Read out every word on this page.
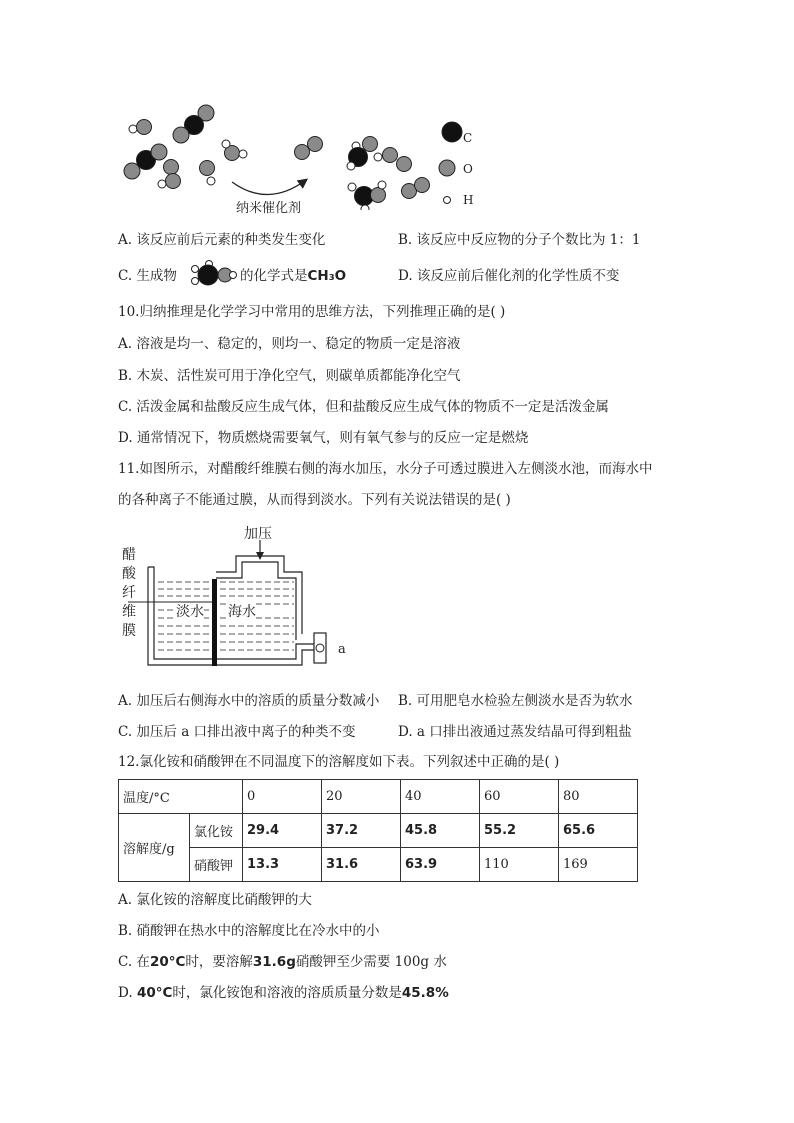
C
O
H
纳米催化剂
A. 该反应前后元素的种类发生变化	B. 该反应中反应物的分子个数比为 1：1
C. 生成物	的化学式是CH₃O	D. 该反应前后催化剂的化学性质不变
10.归纳推理是化学学习中常用的思维方法，下列推理正确的是( )
A. 溶液是均一、稳定的，则均一、稳定的物质一定是溶液
B. 木炭、活性炭可用于净化空气，则碳单质都能净化空气
C. 活泼金属和盐酸反应生成气体，但和盐酸反应生成气体的物质不一定是活泼金属
D. 通常情况下，物质燃烧需要氧气，则有氧气参与的反应一定是燃烧
11.如图所示，对醋酸纤维膜右侧的海水加压，水分子可透过膜进入左侧淡水池，而海水中
的各种离子不能通过膜，从而得到淡水。下列有关说法错误的是( )
加压
醋
酸
纤
维
膜
淡水 海水
a
A. 加压后右侧海水中的溶质的质量分数减小 B. 可用肥皂水检验左侧淡水是否为软水
C. 加压后 a 口排出液中离子的种类不变	D. a 口排出液通过蒸发结晶可得到粗盐
12.氯化铵和硝酸钾在不同温度下的溶解度如下表。下列叙述中正确的是( )
温度/°C		0	20	40	60	80
溶解度/g	氯化铵	29.4	37.2	45.8	55.2	65.6
	硝酸钾	13.3	31.6	63.9	110	169
A. 氯化铵的溶解度比硝酸钾的大
B. 硝酸钾在热水中的溶解度比在冷水中的小
C. 在20°C时，要溶解31.6g硝酸钾至少需要 100g 水
D. 40°C时，氯化铵饱和溶液的溶质质量分数是45.8%
